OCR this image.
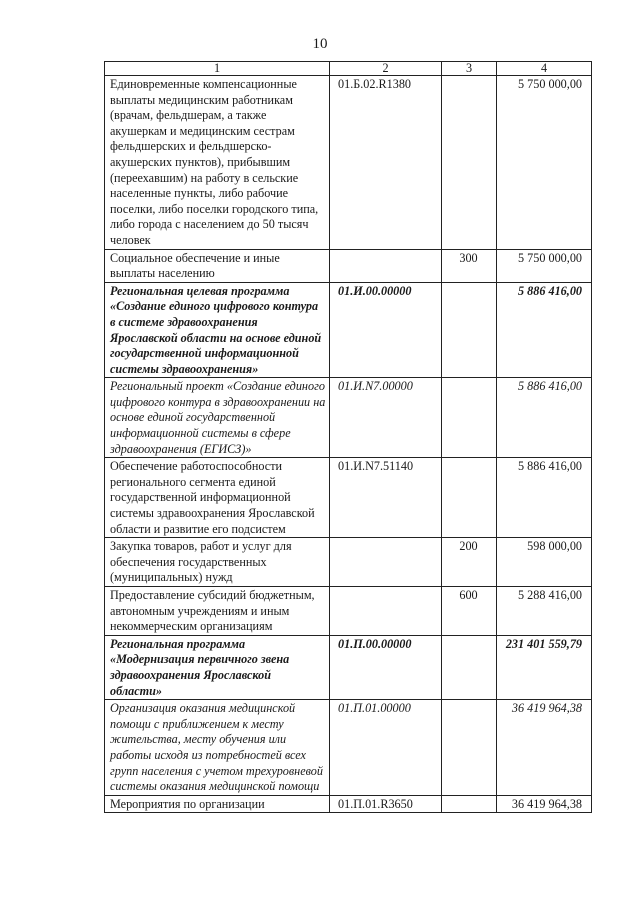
10
1	2	3	4
Единовременные компенсационные выплаты медицинским работникам (врачам, фельдшерам, а также акушеркам и медицинским сестрам фельдшерских и фельдшерско-акушерских пунктов), прибывшим (переехавшим) на работу в сельские населенные пункты, либо рабочие поселки, либо поселки городского типа, либо города с населением до 50 тысяч человек	01.Б.02.R1380		5 750 000,00
Социальное обеспечение и иные выплаты населению		300	5 750 000,00
Региональная целевая программа «Создание единого цифрового контура в системе здравоохранения Ярославской области на основе единой государственной информационной системы здравоохранения»	01.И.00.00000		5 886 416,00
Региональный проект «Создание единого цифрового контура в здравоохранении на основе единой государственной информационной системы в сфере здравоохранения (ЕГИСЗ)»	01.И.N7.00000		5 886 416,00
Обеспечение работоспособности регионального сегмента единой государственной информационной системы здравоохранения Ярославской области и развитие его подсистем	01.И.N7.51140		5 886 416,00
Закупка товаров, работ и услуг для обеспечения государственных (муниципальных) нужд		200	598 000,00
Предоставление субсидий бюджетным, автономным учреждениям и иным некоммерческим организациям		600	5 288 416,00
Региональная программа «Модернизация первичного звена здравоохранения Ярославской области»	01.П.00.00000		231 401 559,79
Организация оказания медицинской помощи с приближением к месту жительства, месту обучения или работы исходя из потребностей всех групп населения с учетом трехуровневой системы оказания медицинской помощи	01.П.01.00000		36 419 964,38
Мероприятия по организации	01.П.01.R3650		36 419 964,38
